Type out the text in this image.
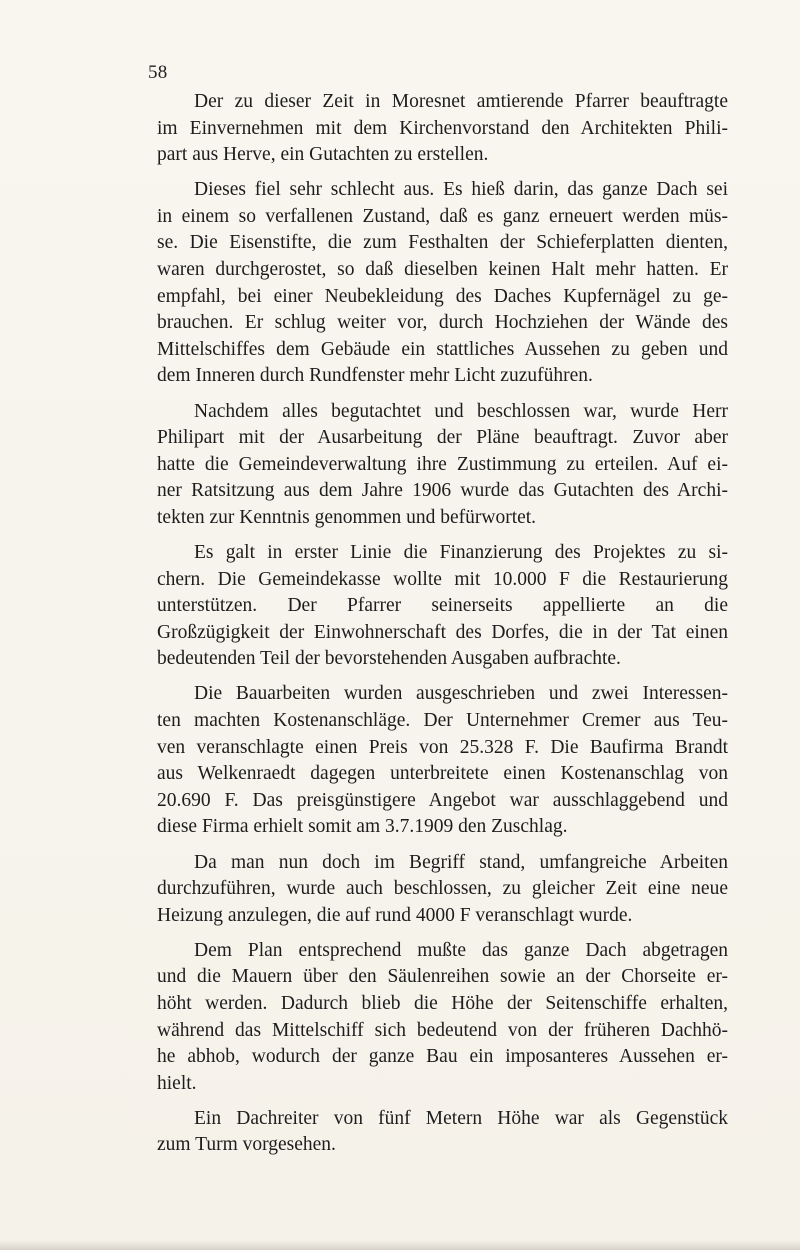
58

Der zu dieser Zeit in Moresnet amtierende Pfarrer beauftragte
im Einvernehmen mit dem Kirchenvorstand den Architekten Phili-
part aus Herve, ein Gutachten zu erstellen.

Dieses fiel sehr schlecht aus. Es hieß darin, das ganze Dach sei
in einem so verfallenen Zustand, daß es ganz erneuert werden müs-
se. Die Eisenstifte, die zum Festhalten der Schieferplatten dienten,
waren durchgerostet, so daß dieselben keinen Halt mehr hatten. Er
empfahl, bei einer Neubekleidung des Daches Kupfernägel zu ge-
brauchen. Er schlug weiter vor, durch Hochziehen der Wände des
Mittelschiffes dem Gebäude ein stattliches Aussehen zu geben und
dem Inneren durch Rundfenster mehr Licht zuzuführen.

Nachdem alles begutachtet und beschlossen war, wurde Herr
Philipart mit der Ausarbeitung der Pläne beauftragt. Zuvor aber
hatte die Gemeindeverwaltung ihre Zustimmung zu erteilen. Auf ei-
ner Ratsitzung aus dem Jahre 1906 wurde das Gutachten des Archi-
tekten zur Kenntnis genommen und befürwortet.

Es galt in erster Linie die Finanzierung des Projektes zu si-
chern. Die Gemeindekasse wollte mit 10.000 F die Restaurierung
unterstützen. Der Pfarrer seinerseits appellierte an die
Großzügigkeit der Einwohnerschaft des Dorfes, die in der Tat einen
bedeutenden Teil der bevorstehenden Ausgaben aufbrachte.

Die Bauarbeiten wurden ausgeschrieben und zwei Interessen-
ten machten Kostenanschläge. Der Unternehmer Cremer aus Teu-
ven veranschlagte einen Preis von 25.328 F. Die Baufirma Brandt
aus Welkenraedt dagegen unterbreitete einen Kostenanschlag von
20.690 F. Das preisgünstigere Angebot war ausschlaggebend und
diese Firma erhielt somit am 3.7.1909 den Zuschlag.

Da man nun doch im Begriff stand, umfangreiche Arbeiten
durchzuführen, wurde auch beschlossen, zu gleicher Zeit eine neue
Heizung anzulegen, die auf rund 4000 F veranschlagt wurde.

Dem Plan entsprechend mußte das ganze Dach abgetragen
und die Mauern über den Säulenreihen sowie an der Chorseite er-
höht werden. Dadurch blieb die Höhe der Seitenschiffe erhalten,
während das Mittelschiff sich bedeutend von der früheren Dachhö-
he abhob, wodurch der ganze Bau ein imposanteres Aussehen er-
hielt.

Ein Dachreiter von fünf Metern Höhe war als Gegenstück
zum Turm vorgesehen.
